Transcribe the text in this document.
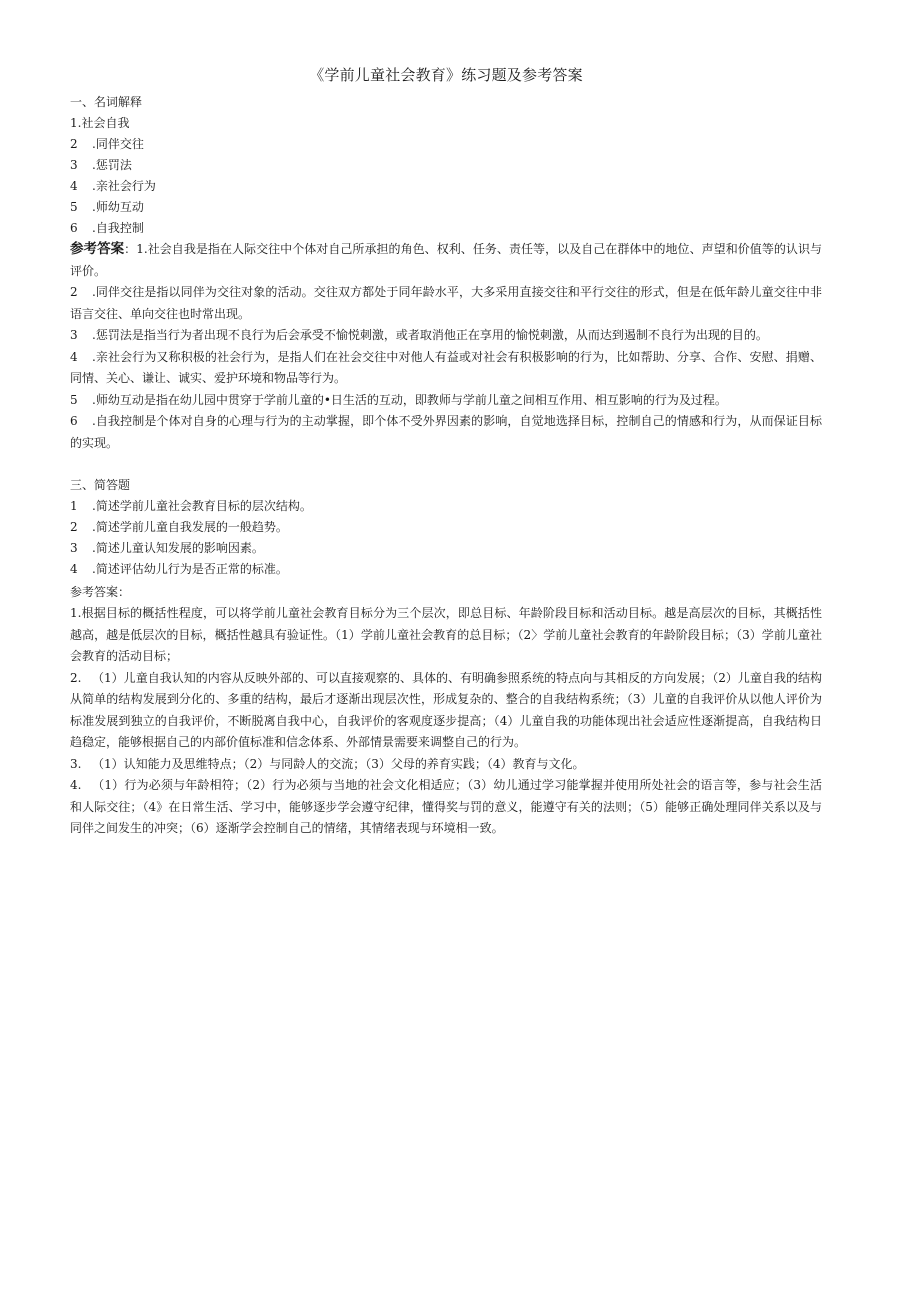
《学前儿童社会教育》练习题及参考答案
一、名词解释
1.社会自我
2 .同伴交往
3 .惩罚法
4 .亲社会行为
5 .师幼互动
6 .自我控制
参考答案：1.社会自我是指在人际交往中个体对自己所承担的角色、权利、任务、责任等，以及自己在群体中的地位、声望和价值等的认识与评价。
2 .同伴交往是指以同伴为交往对象的活动。交往双方都处于同年龄水平，大多采用直接交往和平行交往的形式，但是在低年龄儿童交往中非语言交往、单向交往也时常出现。
3 .惩罚法是指当行为者出现不良行为后会承受不愉悦刺激，或者取消他正在享用的愉悦刺激，从而达到遏制不良行为出现的目的。
4 .亲社会行为又称积极的社会行为，是指人们在社会交往中对他人有益或对社会有积极影响的行为，比如帮助、分享、合作、安慰、捐赠、同情、关心、谦让、诚实、爱护环境和物品等行为。
5 .师幼互动是指在幼儿园中贯穿于学前儿童的•日生活的互动，即教师与学前儿童之间相互作用、相互影响的行为及过程。
6 .自我控制是个体对自身的心理与行为的主动掌握，即个体不受外界因素的影响，自觉地选择目标，控制自己的情感和行为，从而保证目标的实现。
三、简答题
1 .简述学前儿童社会教育目标的层次结构。
2 .简述学前儿童自我发展的一般趋势。
3 .简述儿童认知发展的影响因素。
4 .简述评估幼儿行为是否正常的标准。
参考答案：
1.根据目标的概括性程度，可以将学前儿童社会教育目标分为三个层次，即总目标、年龄阶段目标和活动目标。越是高层次的目标，其概括性越高，越是低层次的目标，概括性越具有验证性。（1）学前儿童社会教育的总目标；（2〉学前儿童社会教育的年龄阶段目标；（3）学前儿童社会教育的活动目标；
2. （1）儿童自我认知的内容从反映外部的、可以直接观察的、具体的、有明确参照系统的特点向与其相反的方向发展；（2）儿童自我的结构从简单的结构发展到分化的、多重的结构，最后才逐渐出现层次性，形成复杂的、整合的自我结构系统；（3）儿童的自我评价从以他人评价为标准发展到独立的自我评价，不断脱离自我中心，自我评价的客观度逐步提高；（4）儿童自我的功能体现出社会适应性逐渐提高，自我结构日趋稳定，能够根据自己的内部价值标准和信念体系、外部情景需要来调整自己的行为。
3. （1）认知能力及思维特点；（2）与同龄人的交流；（3）父母的养育实践；（4）教育与文化。
4. （1）行为必须与年龄相符；（2）行为必须与当地的社会文化相适应；（3）幼儿通过学习能掌握并使用所处社会的语言等，参与社会生活和人际交往；（4》在日常生活、学习中，能够逐步学会遵守纪律，懂得奖与罚的意义，能遵守有关的法则；（5）能够正确处理同伴关系以及与同伴之间发生的冲突；（6）逐渐学会控制自己的情绪，其情绪表现与环境相一致。
